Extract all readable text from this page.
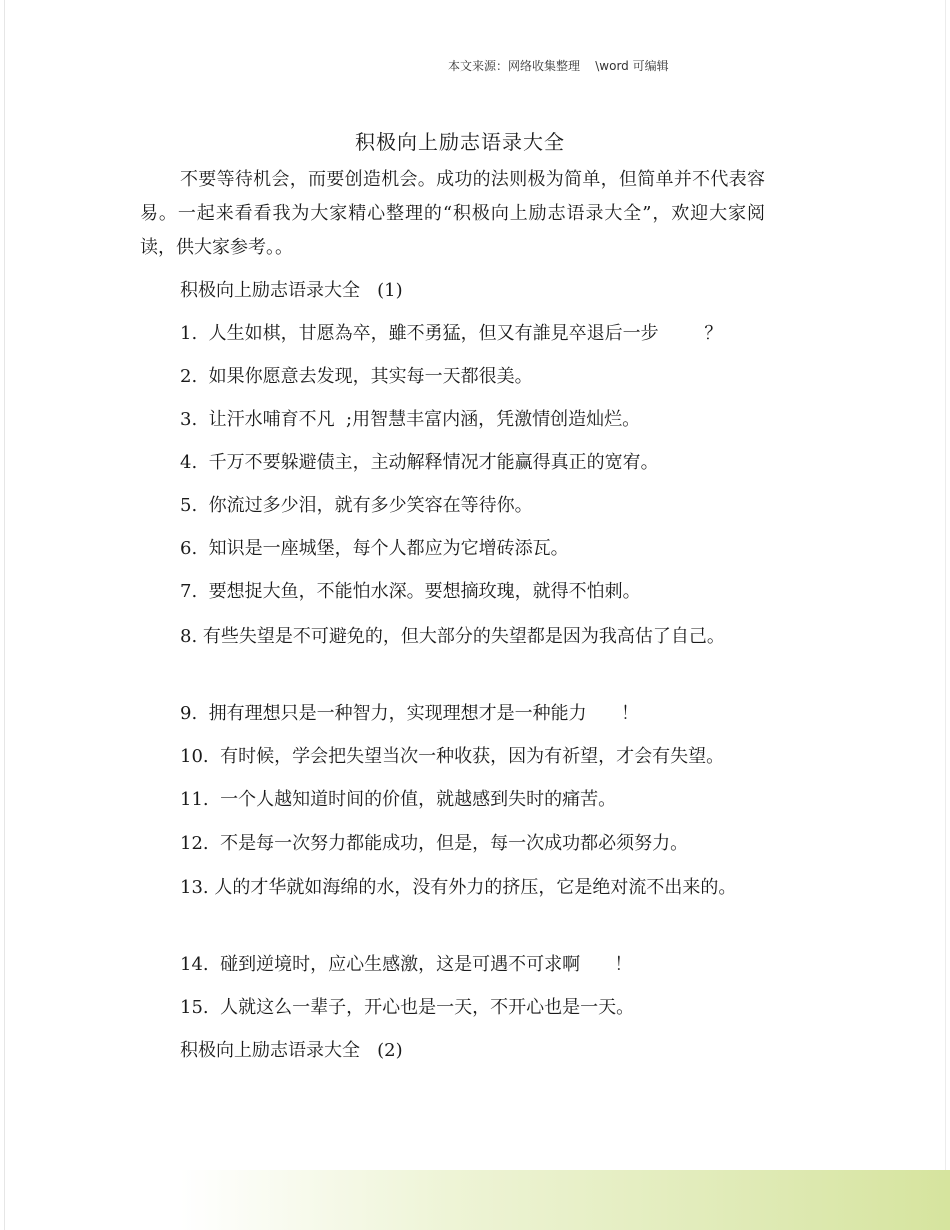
本文来源：网络收集整理    \word 可编辑
积极向上励志语录大全

不要等待机会，而要创造机会。成功的法则极为简单，但简单并不代表容易。一起来看看我为大家精心整理的“积极向上励志语录大全”，欢迎大家阅读，供大家参考。。

积极向上励志语录大全   (1)
1.  人生如棋，甘愿為卒，雖不勇猛，但又有誰見卒退后一步        ？
2.  如果你愿意去发现，其实每一天都很美。
3.  让汗水哺育不凡  ;用智慧丰富内涵，凭激情创造灿烂。
4.  千万不要躲避债主，主动解释情况才能赢得真正的宽宥。
5.  你流过多少泪，就有多少笑容在等待你。
6.  知识是一座城堡，每个人都应为它增砖添瓦。
7.  要想捉大鱼，不能怕水深。要想摘玫瑰，就得不怕刺。

8. 有些失望是不可避免的，但大部分的失望都是因为我高估了自己。

9.  拥有理想只是一种智力，实现理想才是一种能力      ！
10.  有时候，学会把失望当次一种收获，因为有祈望，才会有失望。
11.  一个人越知道时间的价值，就越感到失时的痛苦。
12.  不是每一次努力都能成功，但是，每一次成功都必须努力。

13. 人的才华就如海绵的水，没有外力的挤压，它是绝对流不出来的。

14.  碰到逆境时，应心生感激，这是可遇不可求啊      ！
15.  人就这么一辈子，开心也是一天，不开心也是一天。
积极向上励志语录大全   (2)
